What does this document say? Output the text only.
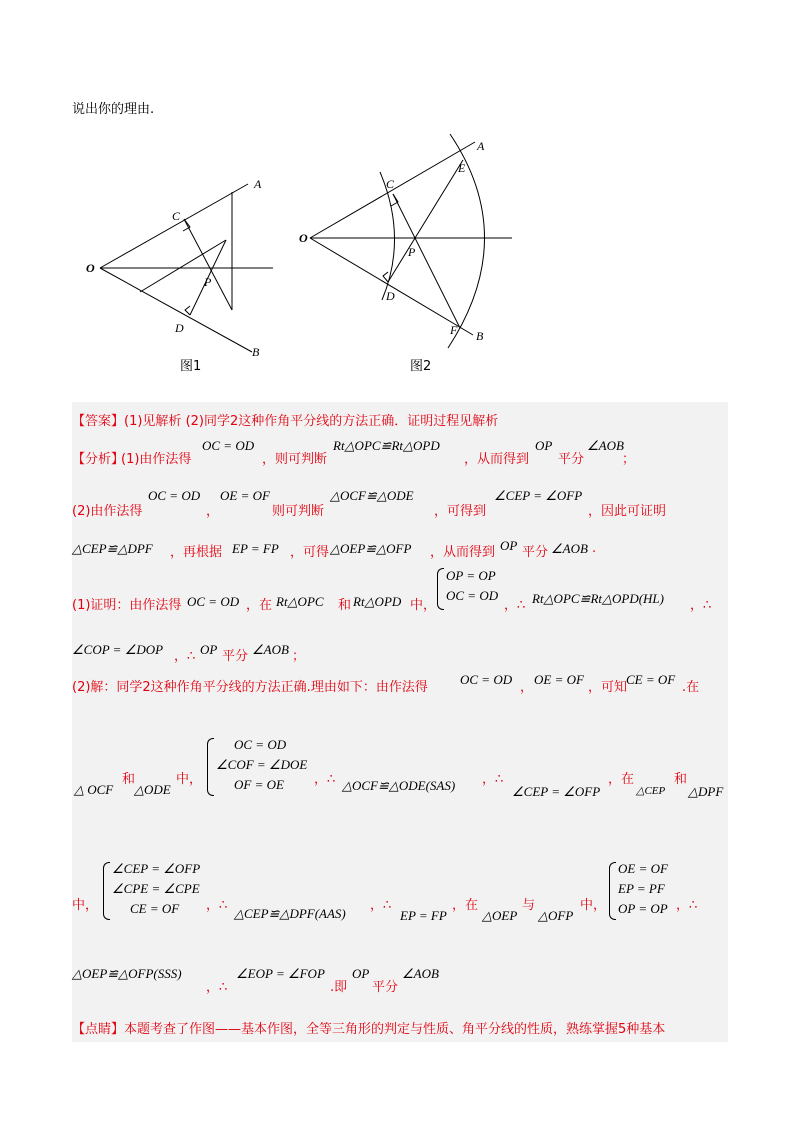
说出你的理由.
O
A
B
C
D
P
图1
O
A
B
C
D
E
F
P
图2
【答案】(1)见解析 (2)同学2这种作角平分线的方法正确．证明过程见解析
【分析】
(1)由作法得
OC = OD
，则可判断
Rt△OPC≌Rt△OPD
，从而得到
OP
平分
∠AOB
；
(2)由作法得
OC = OD
，
OE = OF
则可判断
△OCF≌△ODE
，可得到
∠CEP = ∠OFP
，因此可证明
△CEP≌△DPF ，再根据 EP = FP ，可得 △OEP≌△OFP ，从而得到 OP 平分 ∠AOB .
(1)证明：由作法得 OC = OD ，在 Rt△OPC 和 Rt△OPD 中，
OP = OP
OC = OD
，∴ Rt△OPC≌Rt△OPD(HL) ，∴
∠COP = ∠DOP ，∴ OP 平分 ∠AOB ；
(2)解：同学2这种作角平分线的方法正确.理由如下：由作法得
OC = OD
，
OE = OF
，可知
CE = OF
.在
△ OCF
和
△ODE
中，
OC = OD
∠COF = ∠DOE
OF = OE	，∴ △OCF≌△ODE(SAS) ，∴
∠CEP = ∠OFP
，在
△CEP
和
△DPF
中，
∠CEP = ∠OFP
∠CPE = ∠CPE
CE = OF	，∴
△CEP≌△DPF(AAS)
，∴
EP = FP
，在
△OEP
与
△OFP
中，
OE = OF
EP = PF
OP = OP ，∴
△OEP≌△OFP(SSS)
，∴
∠EOP = ∠FOP
.即
OP
平分
∠AOB
【点睛】本题考查了作图——基本作图，全等三角形的判定与性质、角平分线的性质，熟练掌握5种基本
